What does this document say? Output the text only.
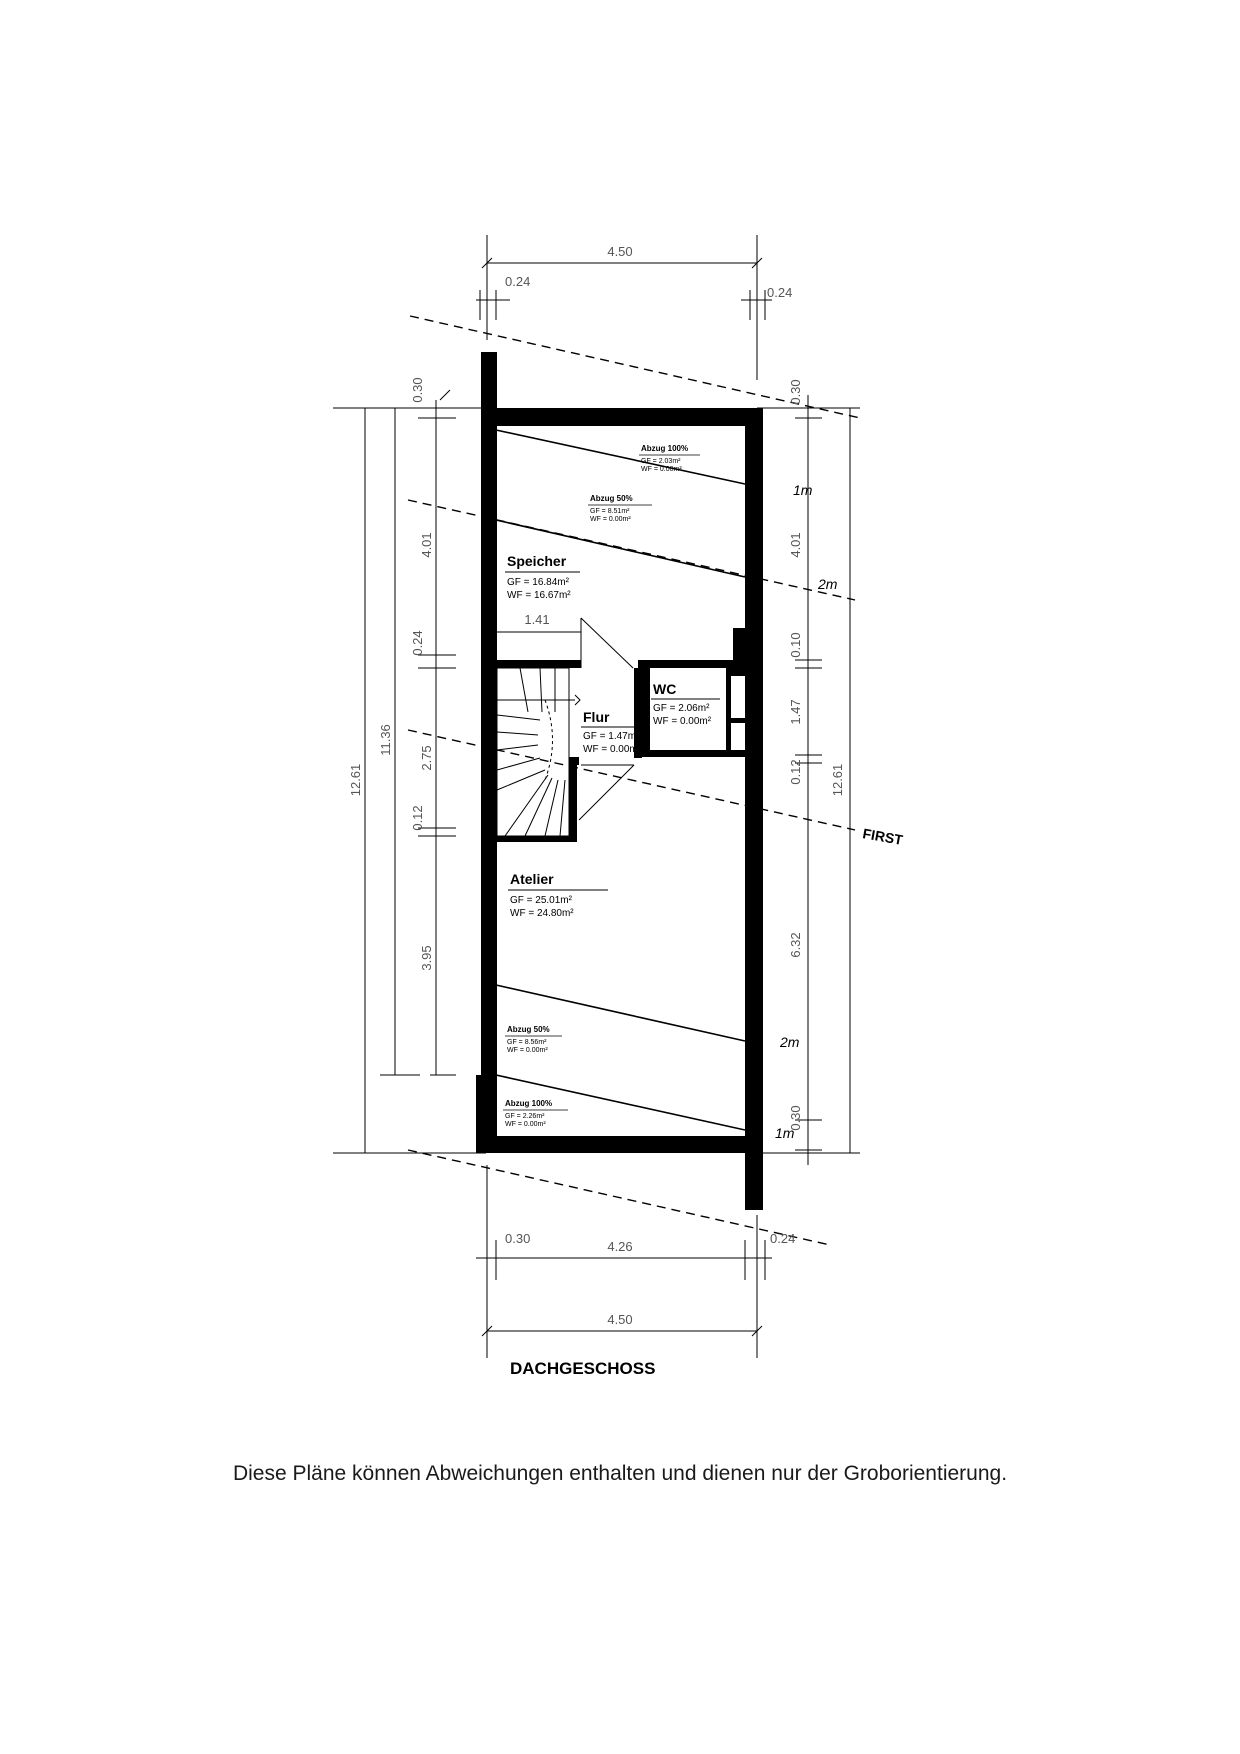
4.50
0.24
0.24
12.61
11.36
0.30
4.01
0.24
2.75
0.12
3.95
0.30
4.01
0.10
1.47
0.12 12.61
6.32
0.30
0.30	0.24
4.26
4.50
1.41
Speicher
GF = 16.84m²
WF = 16.67m²
WC
GF = 2.06m²
WF = 0.00m²
Flur
GF = 1.47m²
WF = 0.00m²
Atelier
GF = 25.01m²
WF = 24.80m²
Abzug 100%
GF = 2.03m²
WF = 0.00m²
Abzug 50%
GF = 8.51m²
WF = 0.00m²
Abzug 50%
GF = 8.56m²
WF = 0.00m²
Abzug 100%
GF = 2.26m²
WF = 0.00m²
1m
2m
2m
1m
FIRST
DACHGESCHOSS
Diese Pläne können Abweichungen enthalten und dienen nur der Groborientierung.
